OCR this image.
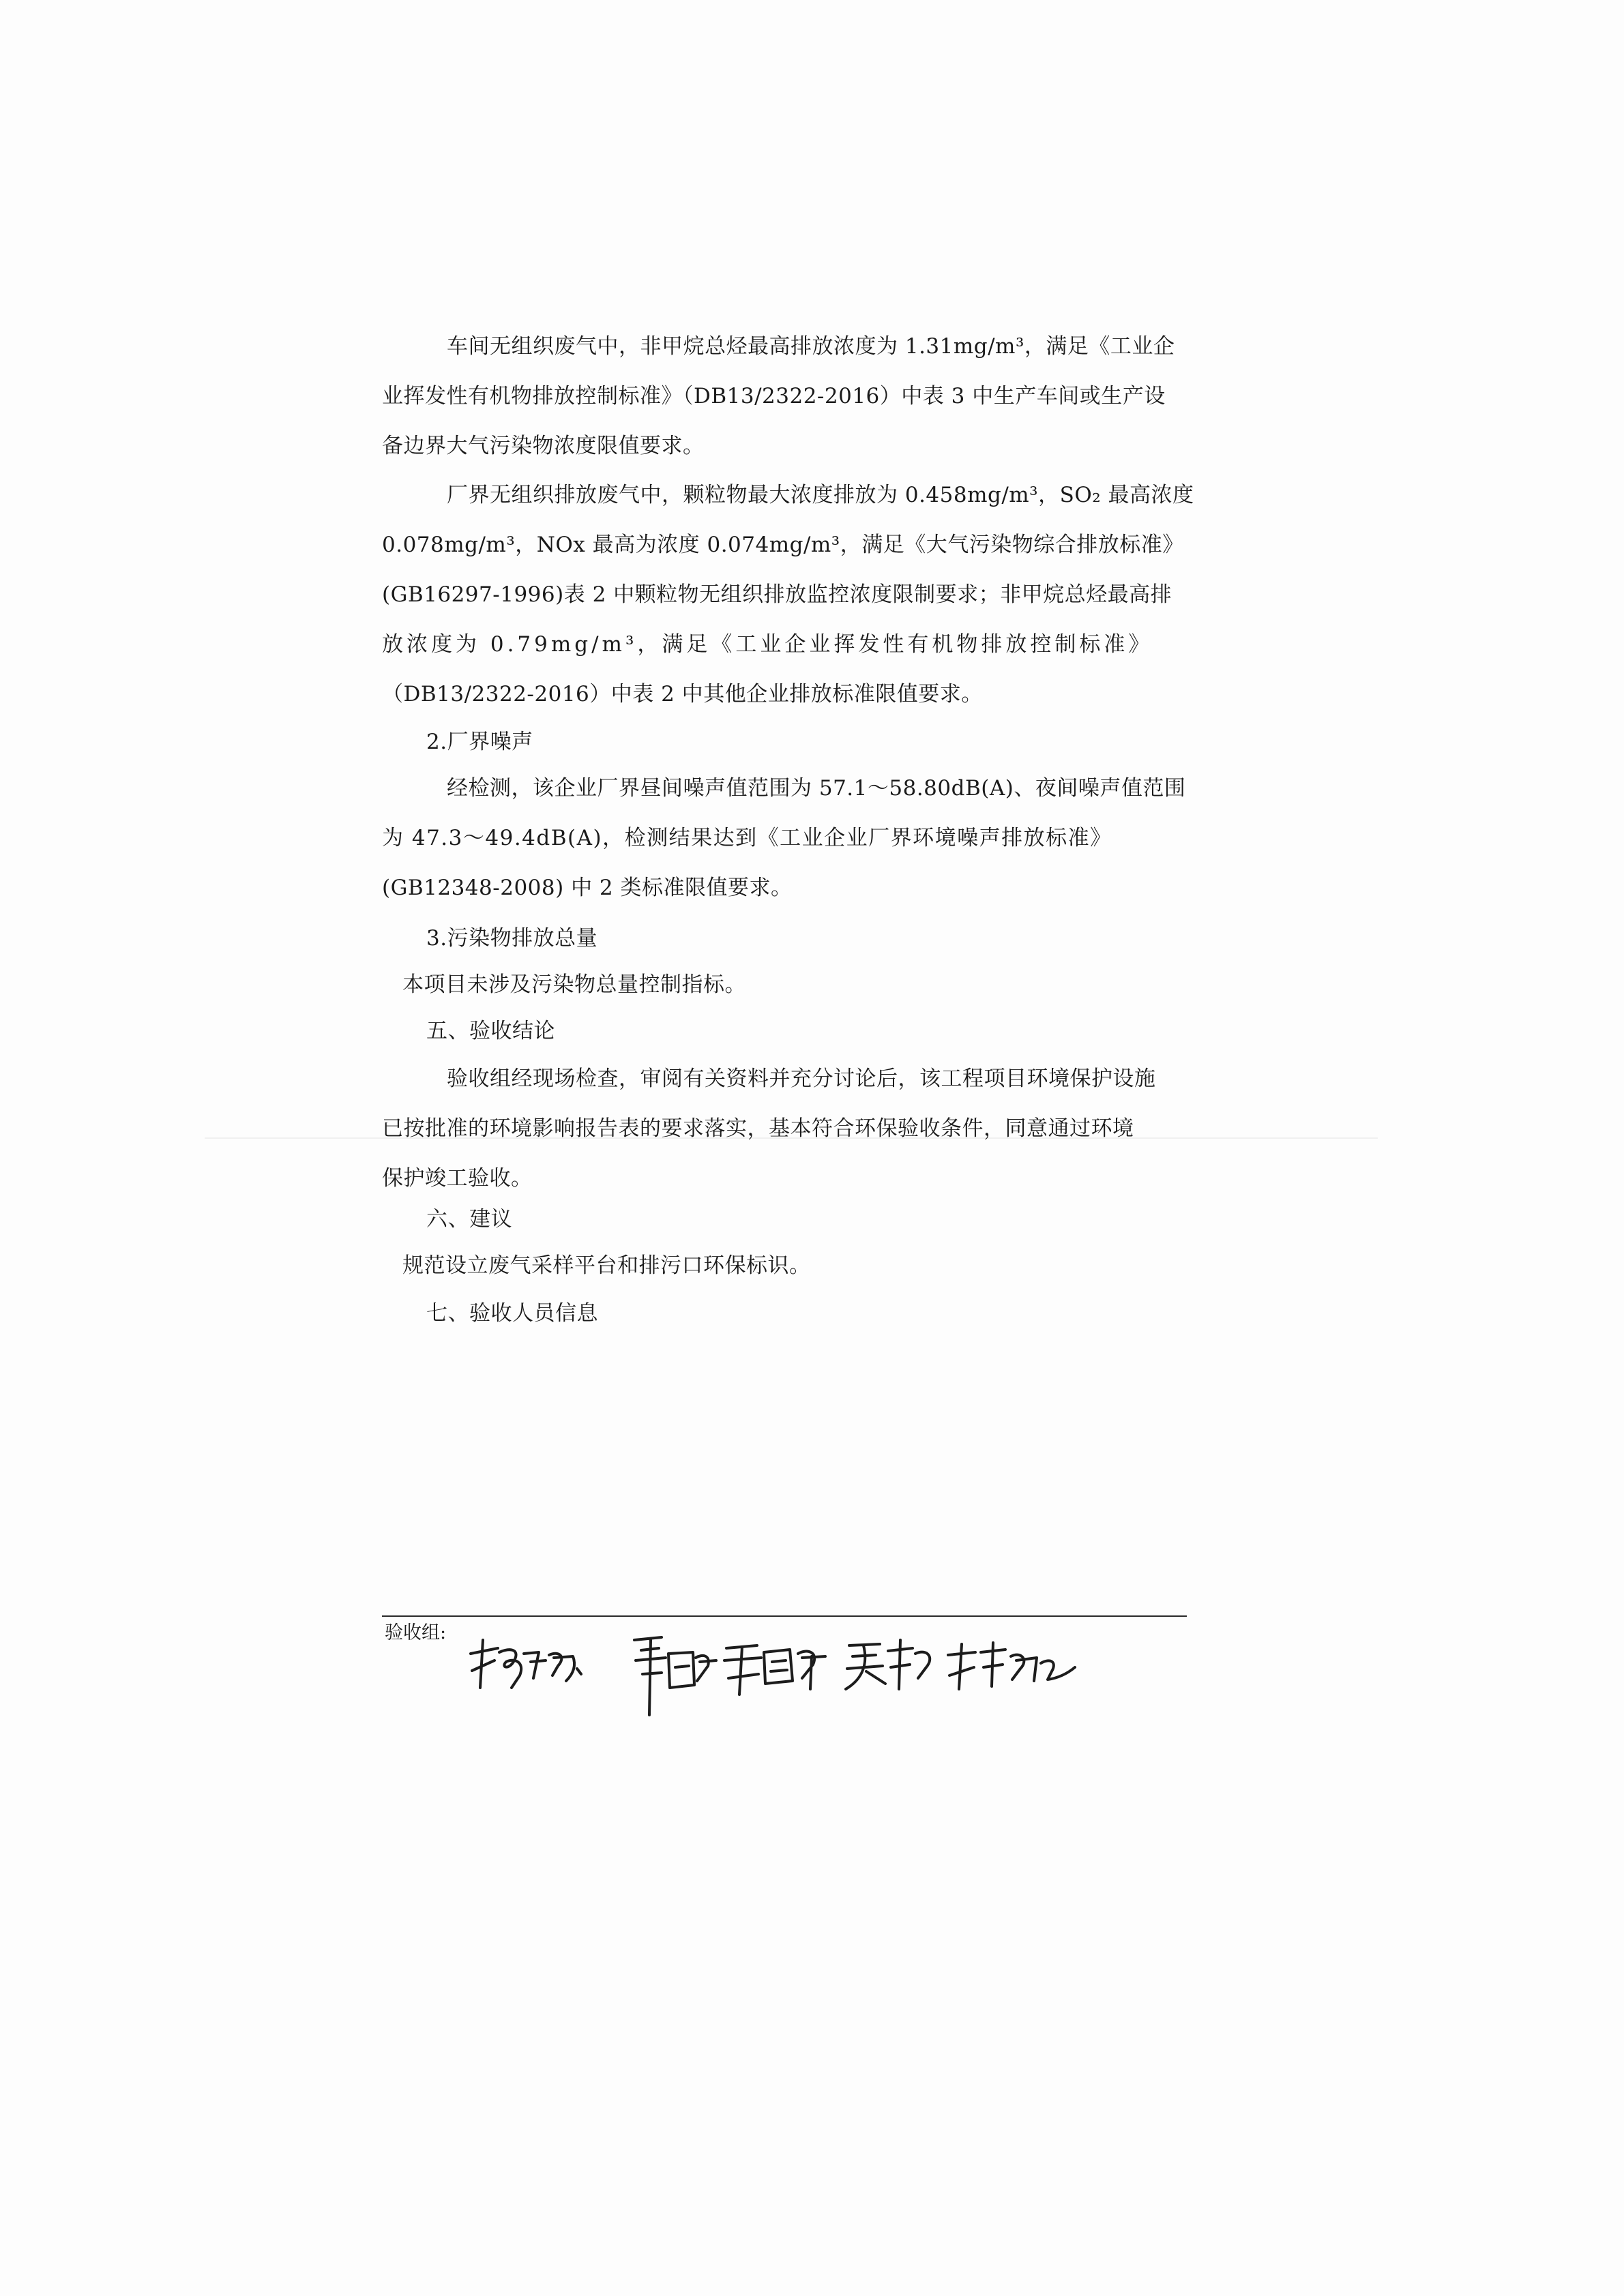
车间无组织废气中，非甲烷总烃最高排放浓度为 1.31mg/m³，满足《工业企
业挥发性有机物排放控制标准》（DB13/2322-2016）中表 3 中生产车间或生产设
备边界大气污染物浓度限值要求。
厂界无组织排放废气中，颗粒物最大浓度排放为 0.458mg/m³，SO₂ 最高浓度
0.078mg/m³，NOx 最高为浓度 0.074mg/m³，满足《大气污染物综合排放标准》
(GB16297-1996)表 2 中颗粒物无组织排放监控浓度限制要求；非甲烷总烃最高排
放浓度为 0.79mg/m³，满足《工业企业挥发性有机物排放控制标准》
（DB13/2322-2016）中表 2 中其他企业排放标准限值要求。
2.厂界噪声
经检测，该企业厂界昼间噪声值范围为 57.1～58.80dB(A)、夜间噪声值范围
为 47.3～49.4dB(A)，检测结果达到《工业企业厂界环境噪声排放标准》
(GB12348-2008) 中 2 类标准限值要求。
3.污染物排放总量
本项目未涉及污染物总量控制指标。
五、验收结论
验收组经现场检查，审阅有关资料并充分讨论后，该工程项目环境保护设施
已按批准的环境影响报告表的要求落实，基本符合环保验收条件，同意通过环境
保护竣工验收。
六、建议
规范设立废气采样平台和排污口环保标识。
七、验收人员信息
验收组:
